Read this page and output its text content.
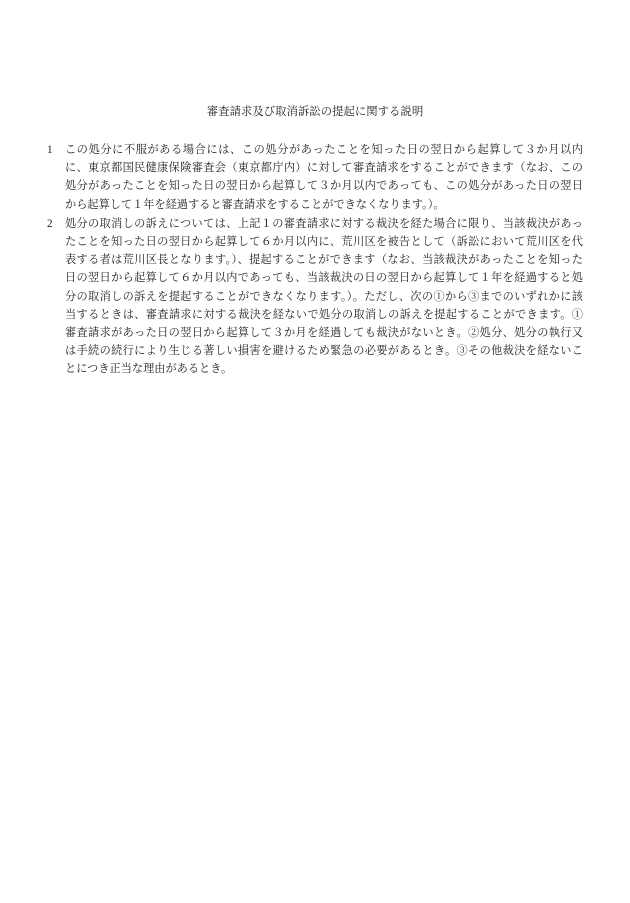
審査請求及び取消訴訟の提起に関する説明
1 この処分に不服がある場合には、この処分があったことを知った日の翌日から起算して３か月以内
に、東京都国民健康保険審査会（東京都庁内）に対して審査請求をすることができます（なお、この
処分があったことを知った日の翌日から起算して３か月以内であっても、この処分があった日の翌日
から起算して１年を経過すると審査請求をすることができなくなります。）。
2 処分の取消しの訴えについては、上記１の審査請求に対する裁決を経た場合に限り、当該裁決があっ
たことを知った日の翌日から起算して６か月以内に、荒川区を被告として（訴訟において荒川区を代
表する者は荒川区長となります。）、提起することができます（なお、当該裁決があったことを知った
日の翌日から起算して６か月以内であっても、当該裁決の日の翌日から起算して１年を経過すると処
分の取消しの訴えを提起することができなくなります。）。ただし、次の①から③までのいずれかに該
当するときは、審査請求に対する裁決を経ないで処分の取消しの訴えを提起することができます。①
審査請求があった日の翌日から起算して３か月を経過しても裁決がないとき。②処分、処分の執行又
は手続の続行により生じる著しい損害を避けるため緊急の必要があるとき。③その他裁決を経ないこ
とにつき正当な理由があるとき。
